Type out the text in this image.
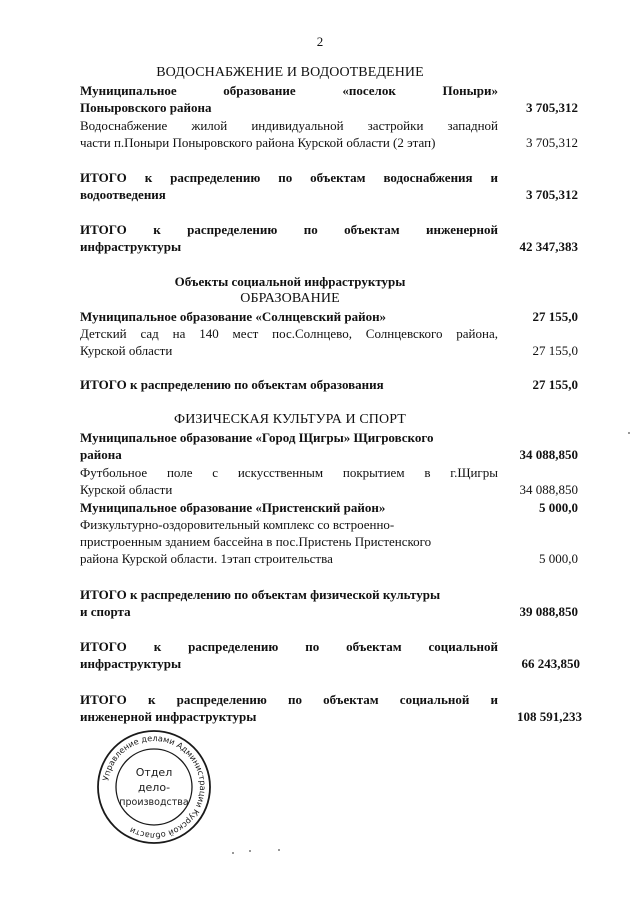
2
ВОДОСНАБЖЕНИЕ И ВОДООТВЕДЕНИЕ
Муниципальное образование «поселок Поныри»
Поныровского района	3 705,312
Водоснабжение жилой индивидуальной застройки западной
части п.Поныри Поныровского района Курской области (2 этап)	3 705,312
ИТОГО к распределению по объектам водоснабжения и
водоотведения	3 705,312
ИТОГО к распределению по объектам инженерной
инфраструктуры	42 347,383
Объекты социальной инфраструктуры
ОБРАЗОВАНИЕ
Муниципальное образование «Солнцевский район»	27 155,0
Детский сад на 140 мест пос.Солнцево, Солнцевского района,
Курской области	27 155,0
ИТОГО к распределению по объектам образования	27 155,0
ФИЗИЧЕСКАЯ КУЛЬТУРА И СПОРТ
Муниципальное образование «Город Щигры» Щигровского
района	34 088,850
Футбольное поле с искусственным покрытием в г.Щигры
Курской области	34 088,850
Муниципальное образование «Пристенский район»	5 000,0
Физкультурно-оздоровительный комплекс со встроенно-
пристроенным зданием бассейна в пос.Пристень Пристенского
района Курской области. 1этап строительства	5 000,0
ИТОГО к распределению по объектам физической культуры
и спорта	39 088,850
ИТОГО к распределению по объектам социальной
инфраструктуры	66 243,850
ИТОГО к распределению по объектам социальной и
инженерной инфраструктуры	108 591,233
Управление делами Администрации Курской области
Отдел
дело-
производства
